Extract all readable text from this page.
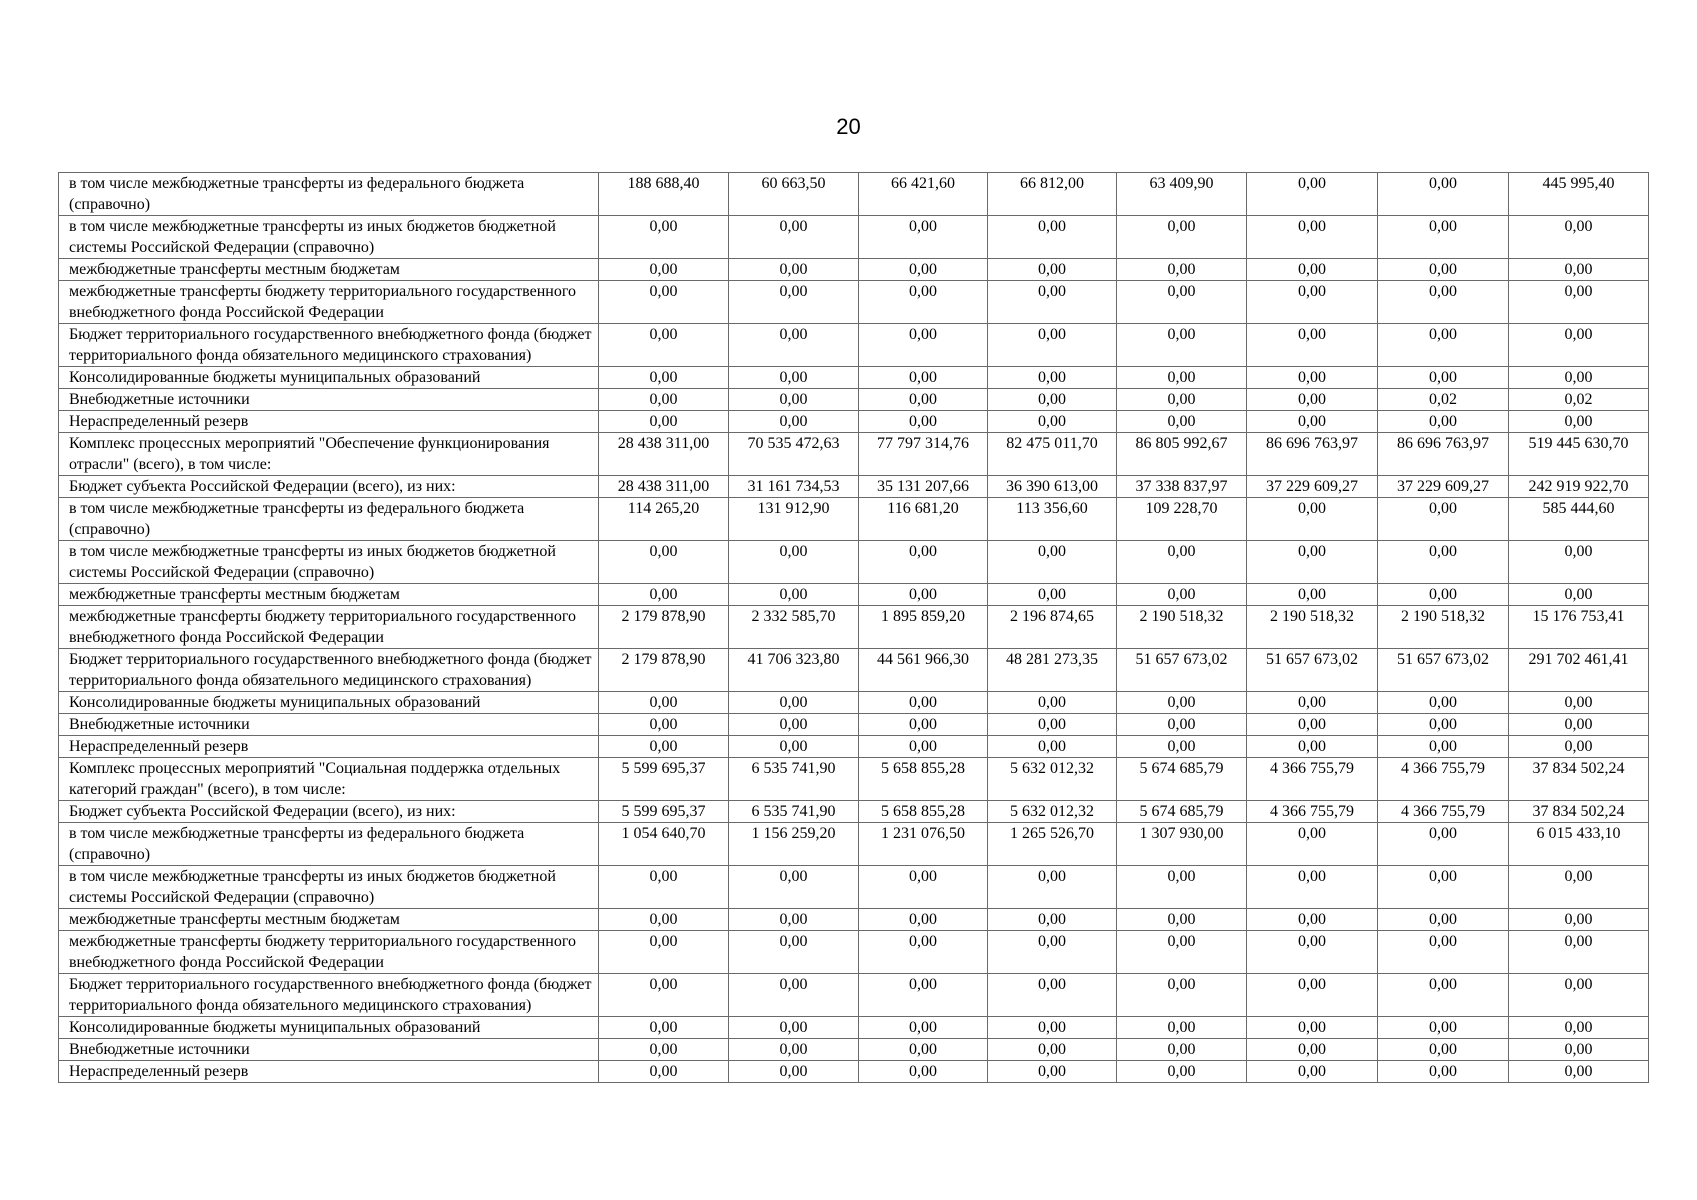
20
в том числе межбюджетные трансферты из федерального бюджета (справочно)	188 688,40	60 663,50	66 421,60	66 812,00	63 409,90	0,00	0,00	445 995,40
в том числе межбюджетные трансферты из иных бюджетов бюджетной системы Российской Федерации (справочно)	0,00	0,00	0,00	0,00	0,00	0,00	0,00	0,00
межбюджетные трансферты местным бюджетам	0,00	0,00	0,00	0,00	0,00	0,00	0,00	0,00
межбюджетные трансферты бюджету территориального государственного внебюджетного фонда Российской Федерации	0,00	0,00	0,00	0,00	0,00	0,00	0,00	0,00
Бюджет территориального государственного внебюджетного фонда (бюджет территориального фонда обязательного медицинского страхования)	0,00	0,00	0,00	0,00	0,00	0,00	0,00	0,00
Консолидированные бюджеты муниципальных образований	0,00	0,00	0,00	0,00	0,00	0,00	0,00	0,00
Внебюджетные источники	0,00	0,00	0,00	0,00	0,00	0,00	0,02	0,02
Нераспределенный резерв	0,00	0,00	0,00	0,00	0,00	0,00	0,00	0,00
Комплекс процессных мероприятий "Обеспечение функционирования отрасли" (всего), в том числе:	28 438 311,00	70 535 472,63	77 797 314,76	82 475 011,70	86 805 992,67	86 696 763,97	86 696 763,97	519 445 630,70
Бюджет субъекта Российской Федерации (всего), из них:	28 438 311,00	31 161 734,53	35 131 207,66	36 390 613,00	37 338 837,97	37 229 609,27	37 229 609,27	242 919 922,70
в том числе межбюджетные трансферты из федерального бюджета (справочно)	114 265,20	131 912,90	116 681,20	113 356,60	109 228,70	0,00	0,00	585 444,60
в том числе межбюджетные трансферты из иных бюджетов бюджетной системы Российской Федерации (справочно)	0,00	0,00	0,00	0,00	0,00	0,00	0,00	0,00
межбюджетные трансферты местным бюджетам	0,00	0,00	0,00	0,00	0,00	0,00	0,00	0,00
межбюджетные трансферты бюджету территориального государственного внебюджетного фонда Российской Федерации	2 179 878,90	2 332 585,70	1 895 859,20	2 196 874,65	2 190 518,32	2 190 518,32	2 190 518,32	15 176 753,41
Бюджет территориального государственного внебюджетного фонда (бюджет территориального фонда обязательного медицинского страхования)	2 179 878,90	41 706 323,80	44 561 966,30	48 281 273,35	51 657 673,02	51 657 673,02	51 657 673,02	291 702 461,41
Консолидированные бюджеты муниципальных образований	0,00	0,00	0,00	0,00	0,00	0,00	0,00	0,00
Внебюджетные источники	0,00	0,00	0,00	0,00	0,00	0,00	0,00	0,00
Нераспределенный резерв	0,00	0,00	0,00	0,00	0,00	0,00	0,00	0,00
Комплекс процессных мероприятий "Социальная поддержка отдельных категорий граждан" (всего), в том числе:	5 599 695,37	6 535 741,90	5 658 855,28	5 632 012,32	5 674 685,79	4 366 755,79	4 366 755,79	37 834 502,24
Бюджет субъекта Российской Федерации (всего), из них:	5 599 695,37	6 535 741,90	5 658 855,28	5 632 012,32	5 674 685,79	4 366 755,79	4 366 755,79	37 834 502,24
в том числе межбюджетные трансферты из федерального бюджета (справочно)	1 054 640,70	1 156 259,20	1 231 076,50	1 265 526,70	1 307 930,00	0,00	0,00	6 015 433,10
в том числе межбюджетные трансферты из иных бюджетов бюджетной системы Российской Федерации (справочно)	0,00	0,00	0,00	0,00	0,00	0,00	0,00	0,00
межбюджетные трансферты местным бюджетам	0,00	0,00	0,00	0,00	0,00	0,00	0,00	0,00
межбюджетные трансферты бюджету территориального государственного внебюджетного фонда Российской Федерации	0,00	0,00	0,00	0,00	0,00	0,00	0,00	0,00
Бюджет территориального государственного внебюджетного фонда (бюджет территориального фонда обязательного медицинского страхования)	0,00	0,00	0,00	0,00	0,00	0,00	0,00	0,00
Консолидированные бюджеты муниципальных образований	0,00	0,00	0,00	0,00	0,00	0,00	0,00	0,00
Внебюджетные источники	0,00	0,00	0,00	0,00	0,00	0,00	0,00	0,00
Нераспределенный резерв	0,00	0,00	0,00	0,00	0,00	0,00	0,00	0,00
